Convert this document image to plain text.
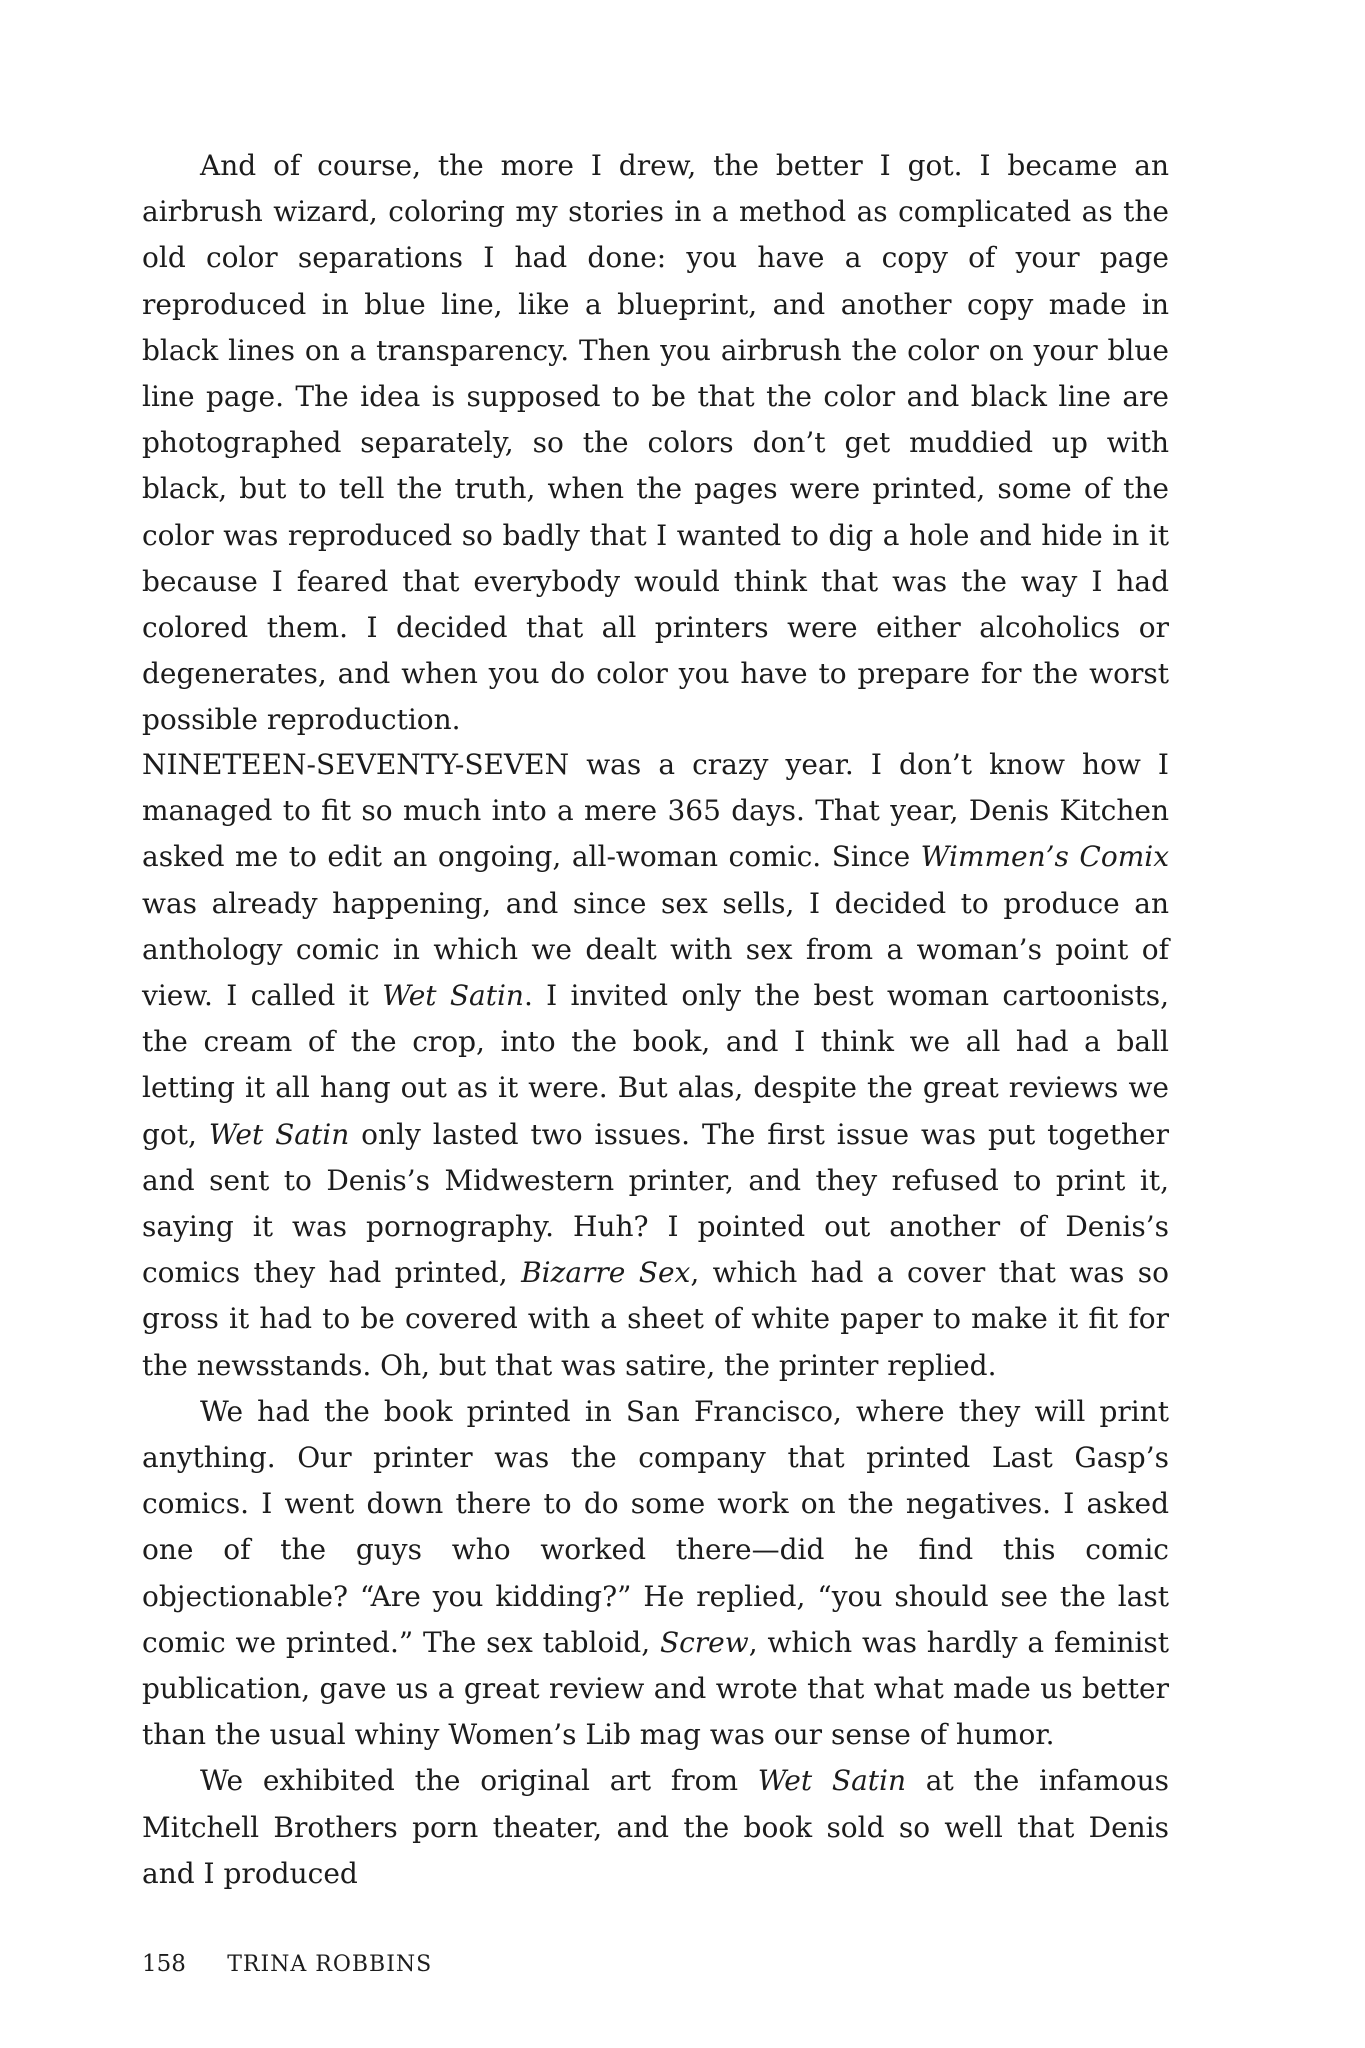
And of course, the more I drew, the better I got. I became an airbrush wizard, coloring my stories in a method as complicated as the old color separations I had done: you have a copy of your page reproduced in blue line, like a blueprint, and another copy made in black lines on a transparency. Then you airbrush the color on your blue line page. The idea is supposed to be that the color and black line are photographed separately, so the colors don’t get muddied up with black, but to tell the truth, when the pages were printed, some of the color was reproduced so badly that I wanted to dig a hole and hide in it because I feared that everybody would think that was the way I had colored them. I decided that all printers were either alcoholics or degenerates, and when you do color you have to prepare for the worst possible reproduction.

NINETEEN-SEVENTY-SEVEN was a crazy year. I don’t know how I managed to fit so much into a mere 365 days. That year, Denis Kitchen asked me to edit an ongoing, all-woman comic. Since Wimmen’s Comix was already happening, and since sex sells, I decided to produce an anthology comic in which we dealt with sex from a woman’s point of view. I called it Wet Satin. I invited only the best woman cartoonists, the cream of the crop, into the book, and I think we all had a ball letting it all hang out as it were. But alas, despite the great reviews we got, Wet Satin only lasted two issues. The first issue was put together and sent to Denis’s Midwestern printer, and they refused to print it, saying it was pornography. Huh? I pointed out another of Denis’s comics they had printed, Bizarre Sex, which had a cover that was so gross it had to be covered with a sheet of white paper to make it fit for the newsstands. Oh, but that was satire, the printer replied.

We had the book printed in San Francisco, where they will print anything. Our printer was the company that printed Last Gasp’s comics. I went down there to do some work on the negatives. I asked one of the guys who worked there—did he find this comic objectionable? “Are you kidding?” He replied, “you should see the last comic we printed.” The sex tabloid, Screw, which was hardly a feminist publication, gave us a great review and wrote that what made us better than the usual whiny Women’s Lib mag was our sense of humor.

We exhibited the original art from Wet Satin at the infamous Mitchell Brothers porn theater, and the book sold so well that Denis and I produced

158 TRINA ROBBINS
